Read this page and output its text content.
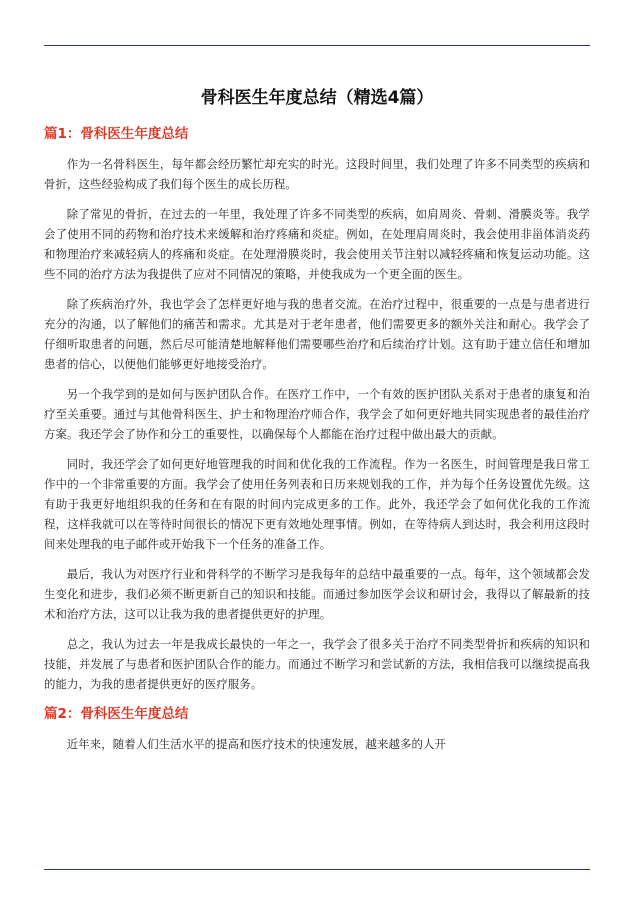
骨科医生年度总结（精选4篇）
篇1：骨科医生年度总结

作为一名骨科医生，每年都会经历繁忙却充实的时光。这段时间里，我们处理了许多不同类型的疾病和骨折，这些经验构成了我们每个医生的成长历程。

除了常见的骨折，在过去的一年里，我处理了许多不同类型的疾病，如肩周炎、骨刺、滑膜炎等。我学会了使用不同的药物和治疗技术来缓解和治疗疼痛和炎症。例如，在处理肩周炎时，我会使用非甾体消炎药和物理治疗来减轻病人的疼痛和炎症。在处理滑膜炎时，我会使用关节注射以减轻疼痛和恢复运动功能。这些不同的治疗方法为我提供了应对不同情况的策略，并使我成为一个更全面的医生。

除了疾病治疗外，我也学会了怎样更好地与我的患者交流。在治疗过程中，很重要的一点是与患者进行充分的沟通，以了解他们的痛苦和需求。尤其是对于老年患者，他们需要更多的额外关注和耐心。我学会了仔细听取患者的问题，然后尽可能清楚地解释他们需要哪些治疗和后续治疗计划。这有助于建立信任和增加患者的信心，以便他们能够更好地接受治疗。

另一个我学到的是如何与医护团队合作。在医疗工作中，一个有效的医护团队关系对于患者的康复和治疗至关重要。通过与其他骨科医生、护士和物理治疗师合作，我学会了如何更好地共同实现患者的最佳治疗方案。我还学会了协作和分工的重要性，以确保每个人都能在治疗过程中做出最大的贡献。

同时，我还学会了如何更好地管理我的时间和优化我的工作流程。作为一名医生，时间管理是我日常工作中的一个非常重要的方面。我学会了使用任务列表和日历来规划我的工作，并为每个任务设置优先级。这有助于我更好地组织我的任务和在有限的时间内完成更多的工作。此外，我还学会了如何优化我的工作流程，这样我就可以在等待时间很长的情况下更有效地处理事情。例如，在等待病人到达时，我会利用这段时间来处理我的电子邮件或开始我下一个任务的准备工作。

最后，我认为对医疗行业和骨科学的不断学习是我每年的总结中最重要的一点。每年，这个领域都会发生变化和进步，我们必须不断更新自己的知识和技能。而通过参加医学会议和研讨会，我得以了解最新的技术和治疗方法，这可以让我为我的患者提供更好的护理。

总之，我认为过去一年是我成长最快的一年之一，我学会了很多关于治疗不同类型骨折和疾病的知识和技能，并发展了与患者和医护团队合作的能力。而通过不断学习和尝试新的方法，我相信我可以继续提高我的能力，为我的患者提供更好的医疗服务。

篇2：骨科医生年度总结

近年来，随着人们生活水平的提高和医疗技术的快速发展，越来越多的人开
